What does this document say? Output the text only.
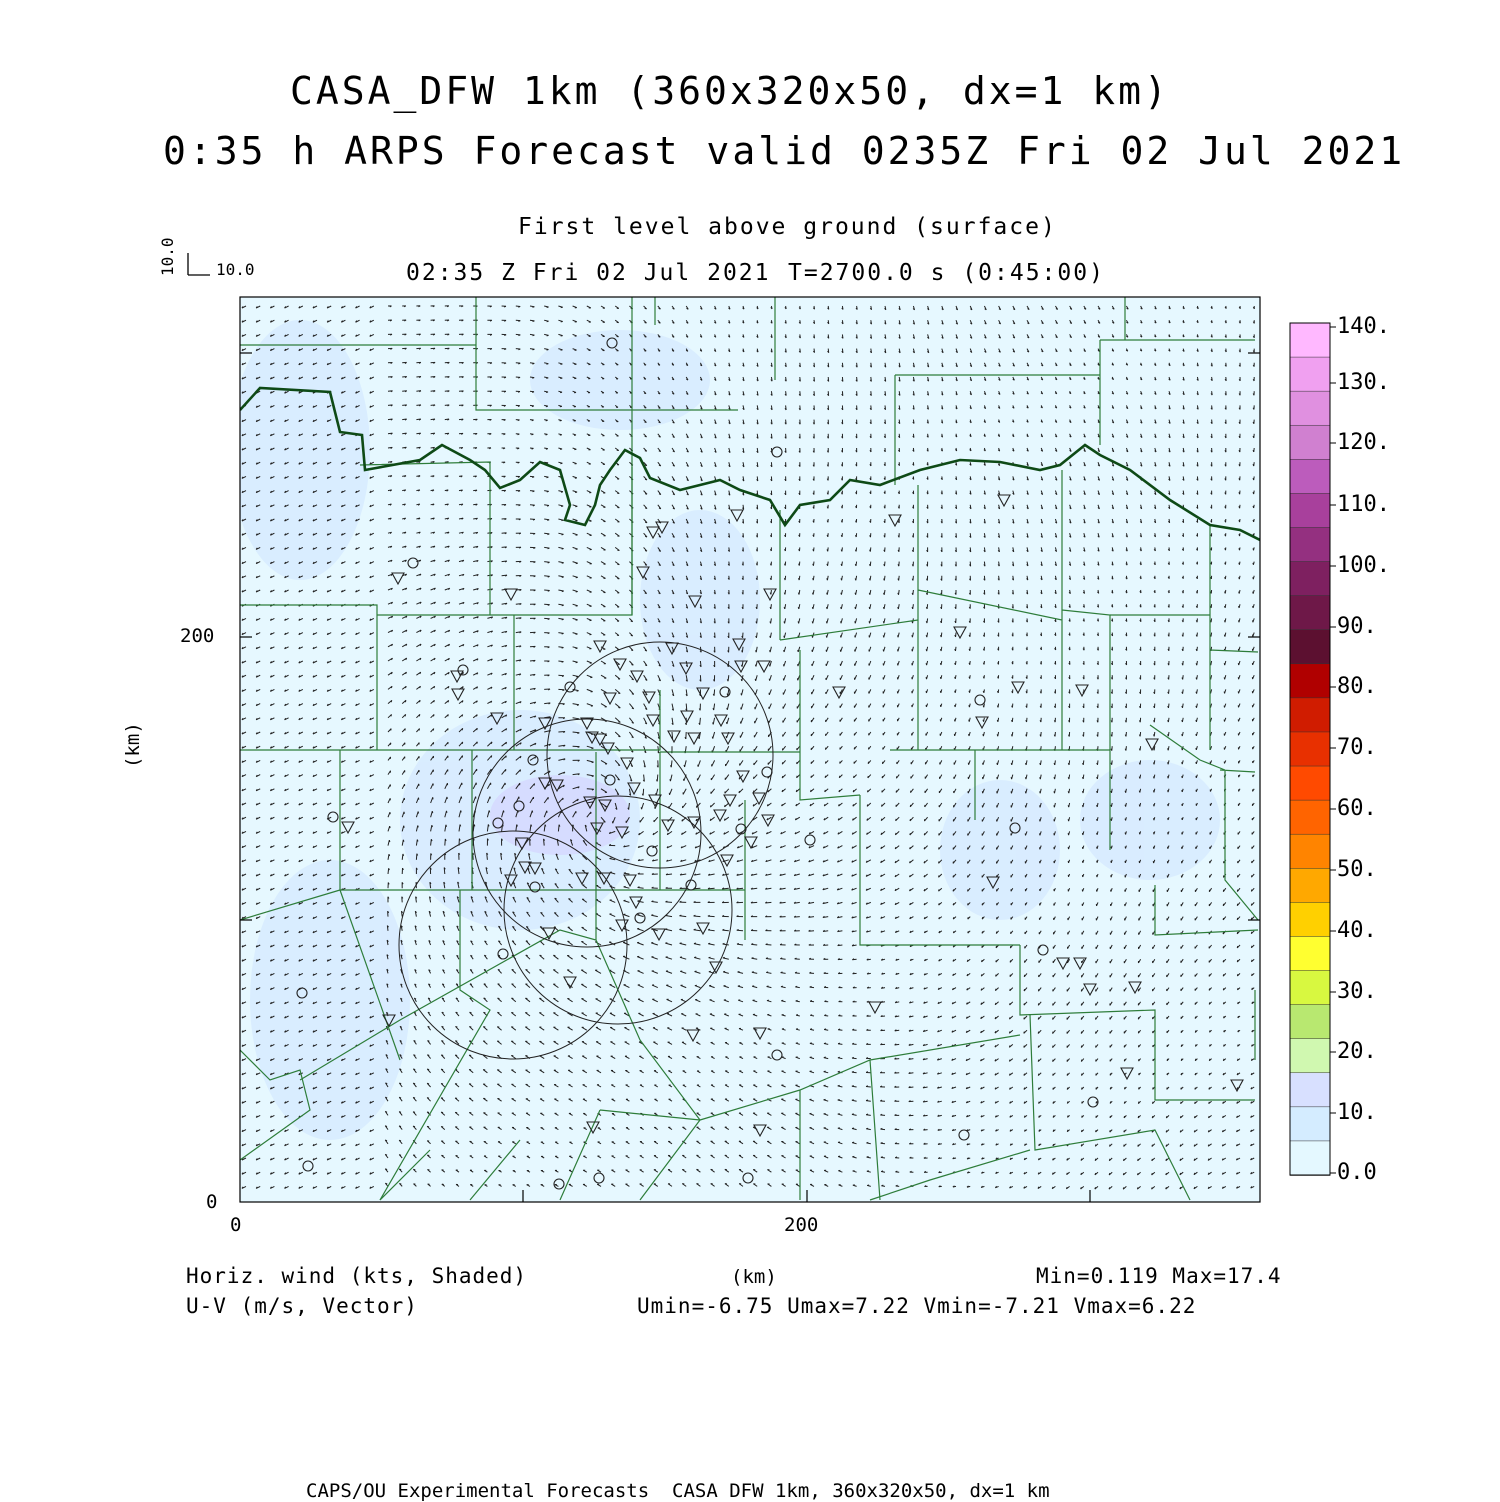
CASA_DFW 1km (360x320x50, dx=1 km)
0:35 h ARPS Forecast valid 0235Z Fri 02 Jul 2021
First level above ground (surface)
02:35 Z Fri 02 Jul 2021 T=2700.0 s (0:45:00)
10.0
10.0
200
0
0	200
(km)
140.
130.
120.
110.
100.
90.
80.
70.
60.
50.
40.
30.
20.
10.
0.0
Horiz. wind (kts, Shaded)
U-V (m/s, Vector)
(km)	Min=0.119 Max=17.4
Umin=-6.75 Umax=7.22 Vmin=-7.21 Vmax=6.22
CAPS/OU Experimental Forecasts  CASA DFW 1km, 360x320x50, dx=1 km
